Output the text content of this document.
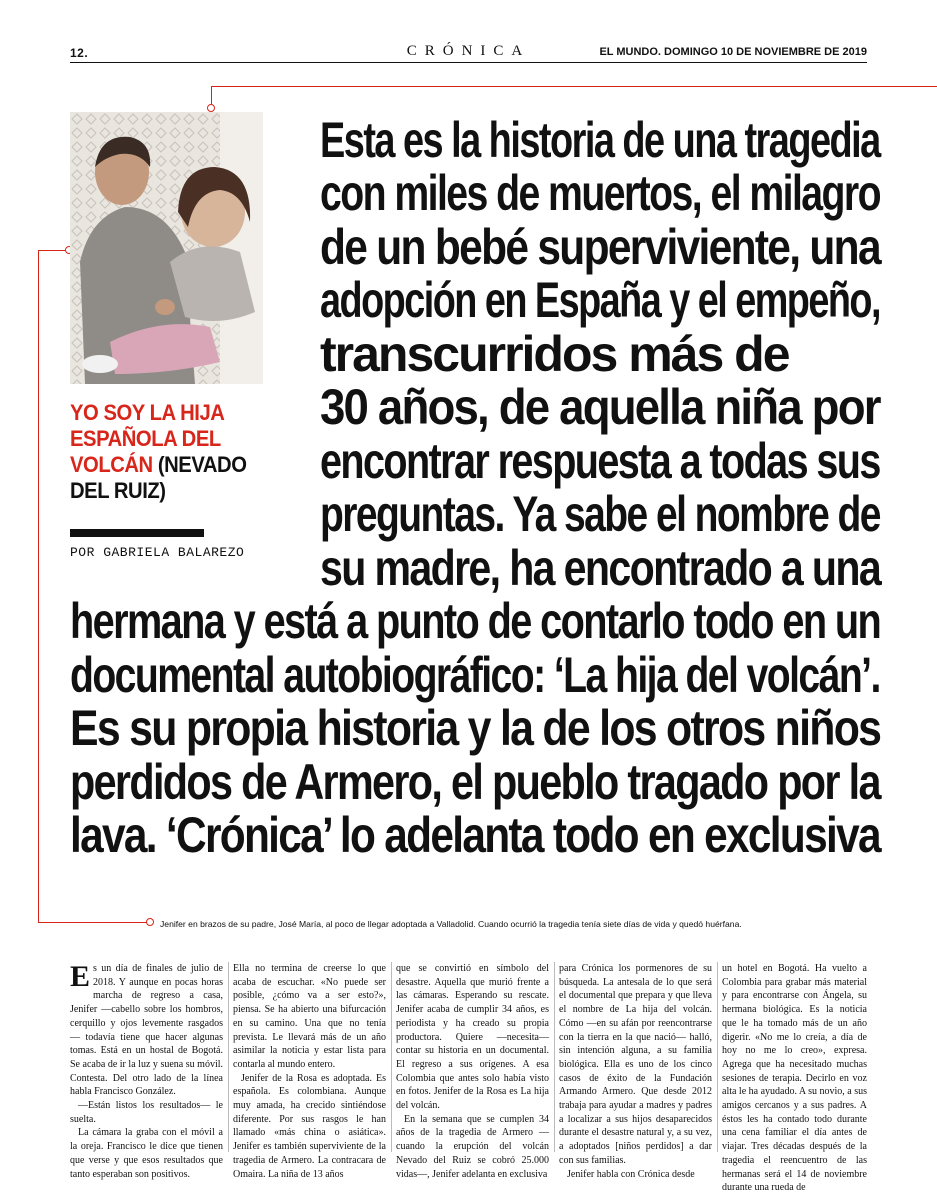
12.	CRÓNICA	EL MUNDO. DOMINGO 10 DE NOVIEMBRE DE 2019
YO SOY LA HIJA ESPAÑOLA DEL VOLCÁN (NEVADO DEL RUIZ)
POR GABRIELA BALAREZO
Esta es la historia de una tragedia
con miles de muertos, el milagro
de un bebé superviviente, una
adopción en España y el empeño,
transcurridos más de
30 años, de aquella niña por
encontrar respuesta a todas sus
preguntas. Ya sabe el nombre de
su madre, ha encontrado a una
hermana y está a punto de contarlo todo en un
documental autobiográfico: ‘La hija del volcán’.
Es su propia historia y la de los otros niños
perdidos de Armero, el pueblo tragado por la
lava. ‘Crónica’ lo adelanta todo en exclusiva
Jenifer en brazos de su padre, José María, al poco de llegar adoptada a Valladolid. Cuando ocurrió la tragedia tenía siete días de vida y quedó huérfana.

Es un día de finales de julio de 2018. Y aunque en pocas horas marcha de regreso a casa, Jenifer —cabello sobre los hombros, cerquillo y ojos levemente rasgados— todavía tiene que hacer algunas tomas. Está en un hostal de Bogotá. Se acaba de ir la luz y suena su móvil. Contesta. Del otro lado de la línea habla Francisco González.

—Están listos los resultados— le suelta.

La cámara la graba con el móvil a la oreja. Francisco le dice que tienen que verse y que esos resultados que tanto esperaban son positivos.

Ella no termina de creerse lo que acaba de escuchar. «No puede ser posible, ¿cómo va a ser esto?», piensa. Se ha abierto una bifurcación en su camino. Una que no tenía prevista. Le llevará más de un año asimilar la noticia y estar lista para contarla al mundo entero.

Jenifer de la Rosa es adoptada. Es española. Es colombiana. Aunque muy amada, ha crecido sintiéndose diferente. Por sus rasgos le han llamado «más china o asiática». Jenifer es también superviviente de la tragedia de Armero. La contracara de Omaira. La niña de 13 años

que se convirtió en símbolo del desastre. Aquella que murió frente a las cámaras. Esperando su rescate. Jenifer acaba de cumplir 34 años, es periodista y ha creado su propia productora. Quiere —necesita— contar su historia en un documental. El regreso a sus orígenes. A esa Colombia que antes solo había visto en fotos. Jenifer de la Rosa es La hija del volcán.

En la semana que se cumplen 34 años de la tragedia de Armero —cuando la erupción del volcán Nevado del Ruiz se cobró 25.000 vidas—, Jenifer adelanta en exclusiva

para Crónica los pormenores de su búsqueda. La antesala de lo que será el documental que prepara y que lleva el nombre de La hija del volcán. Cómo —en su afán por reencontrarse con la tierra en la que nació— halló, sin intención alguna, a su familia biológica. Ella es uno de los cinco casos de éxito de la Fundación Armando Armero. Que desde 2012 trabaja para ayudar a madres y padres a localizar a sus hijos desaparecidos durante el desastre natural y, a su vez, a adoptados [niños perdidos] a dar con sus familias.

Jenifer habla con Crónica desde

un hotel en Bogotá. Ha vuelto a Colombia para grabar más material y para encontrarse con Ángela, su hermana biológica. Es la noticia que le ha tomado más de un año digerir. «No me lo creía, a día de hoy no me lo creo», expresa. Agrega que ha necesitado muchas sesiones de terapia. Decirlo en voz alta le ha ayudado. A su novio, a sus amigos cercanos y a sus padres. A éstos les ha contado todo durante una cena familiar el día antes de viajar. Tres décadas después de la tragedia el reencuentro de las hermanas será el 14 de noviembre durante una rueda de
